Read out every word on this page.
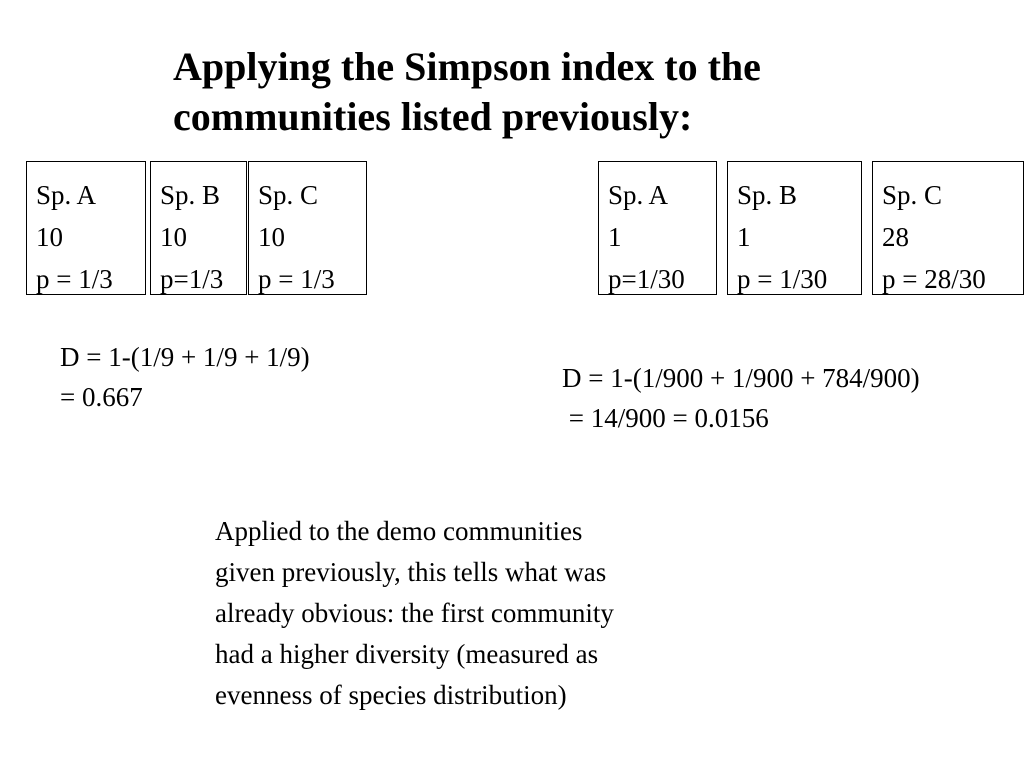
Applying the Simpson index to the
communities listed previously:
Sp. A
10
p = 1/3
Sp. B
10
p=1/3
Sp. C
10
p = 1/3
Sp. A
1
p=1/30
Sp. B
1
p = 1/30
Sp. C
28
p = 28/30
D = 1-(1/9 + 1/9 + 1/9)
= 0.667
D = 1-(1/900 + 1/900 + 784/900)
= 14/900 = 0.0156
Applied to the demo communities
given previously, this tells what was
already obvious: the first community
had a higher diversity (measured as
evenness of species distribution)
